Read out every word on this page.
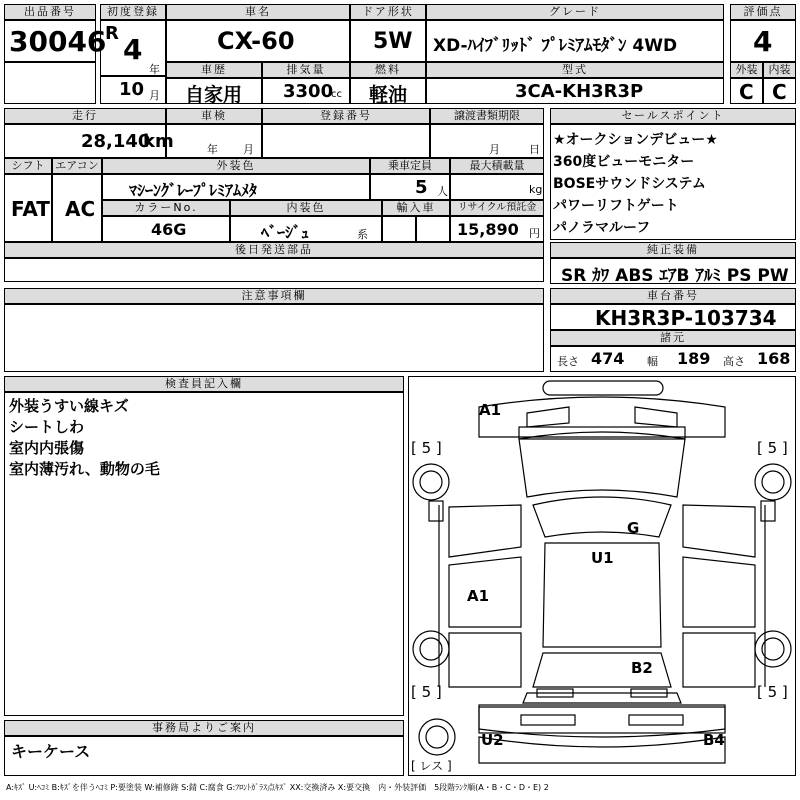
出品番号
30046
初度登録
R 4
年
10 月
車名
CX-60
車歴
自家用
排気量
3300
cc
ドア形状
5W
燃料
軽油
グレード
XD-ﾊｲﾌﾞﾘｯﾄﾞ ﾌﾟﾚﾐｱﾑﾓﾀﾞﾝ 4WD
型式
3CA-KH3R3P
評価点
4
外装	内装
C C
走行
28,140
km
車検
年 月
登録番号	譲渡書類期限
月	日
シフト
FAT
エアコン
AC
外装色
ﾏｼｰﾝｸﾞﾚｰﾌﾟﾚﾐｱﾑﾒﾀ
乗車定員
5 人
最大積載量
kg
カラーNo.
46G
内装色
ﾍﾞｰｼﾞｭ	系
輸入車	リサイクル預託金
15,890 円
後日発送部品
セールスポイント
★オークションデビュー★
360度ビューモニター
BOSEサウンドシステム
パワーリフトゲート
パノラマルーフ
純正装備
SR ｶﾜ ABS ｴｱB ｱﾙﾐ PS PW
注意事項欄	車台番号
KH3R3P-103734
諸元
長さ 474 幅 189 高さ 168
検査員記入欄
外装うすい線キズ
シートしわ
室内内張傷
室内薄汚れ、動物の毛
事務局よりご案内
キーケース
[ 5 ]	[ 5 ]
[ 5 ]	[ 5 ]
A1
G
U1
A1
B2
U2	B4
[ レス ]
A:ｷｽﾞ U:ﾍｺﾐ B:ｷｽﾞを伴うﾍｺﾐ P:要塗装 W:補修跡 S:錆 C:腐食 G:ﾌﾛﾝﾄｶﾞﾗｽ点ｷｽﾞ XX:交換済み X:要交換　内・外装評価　5段階ﾗﾝｸ順(A・B・C・D・E) 2
